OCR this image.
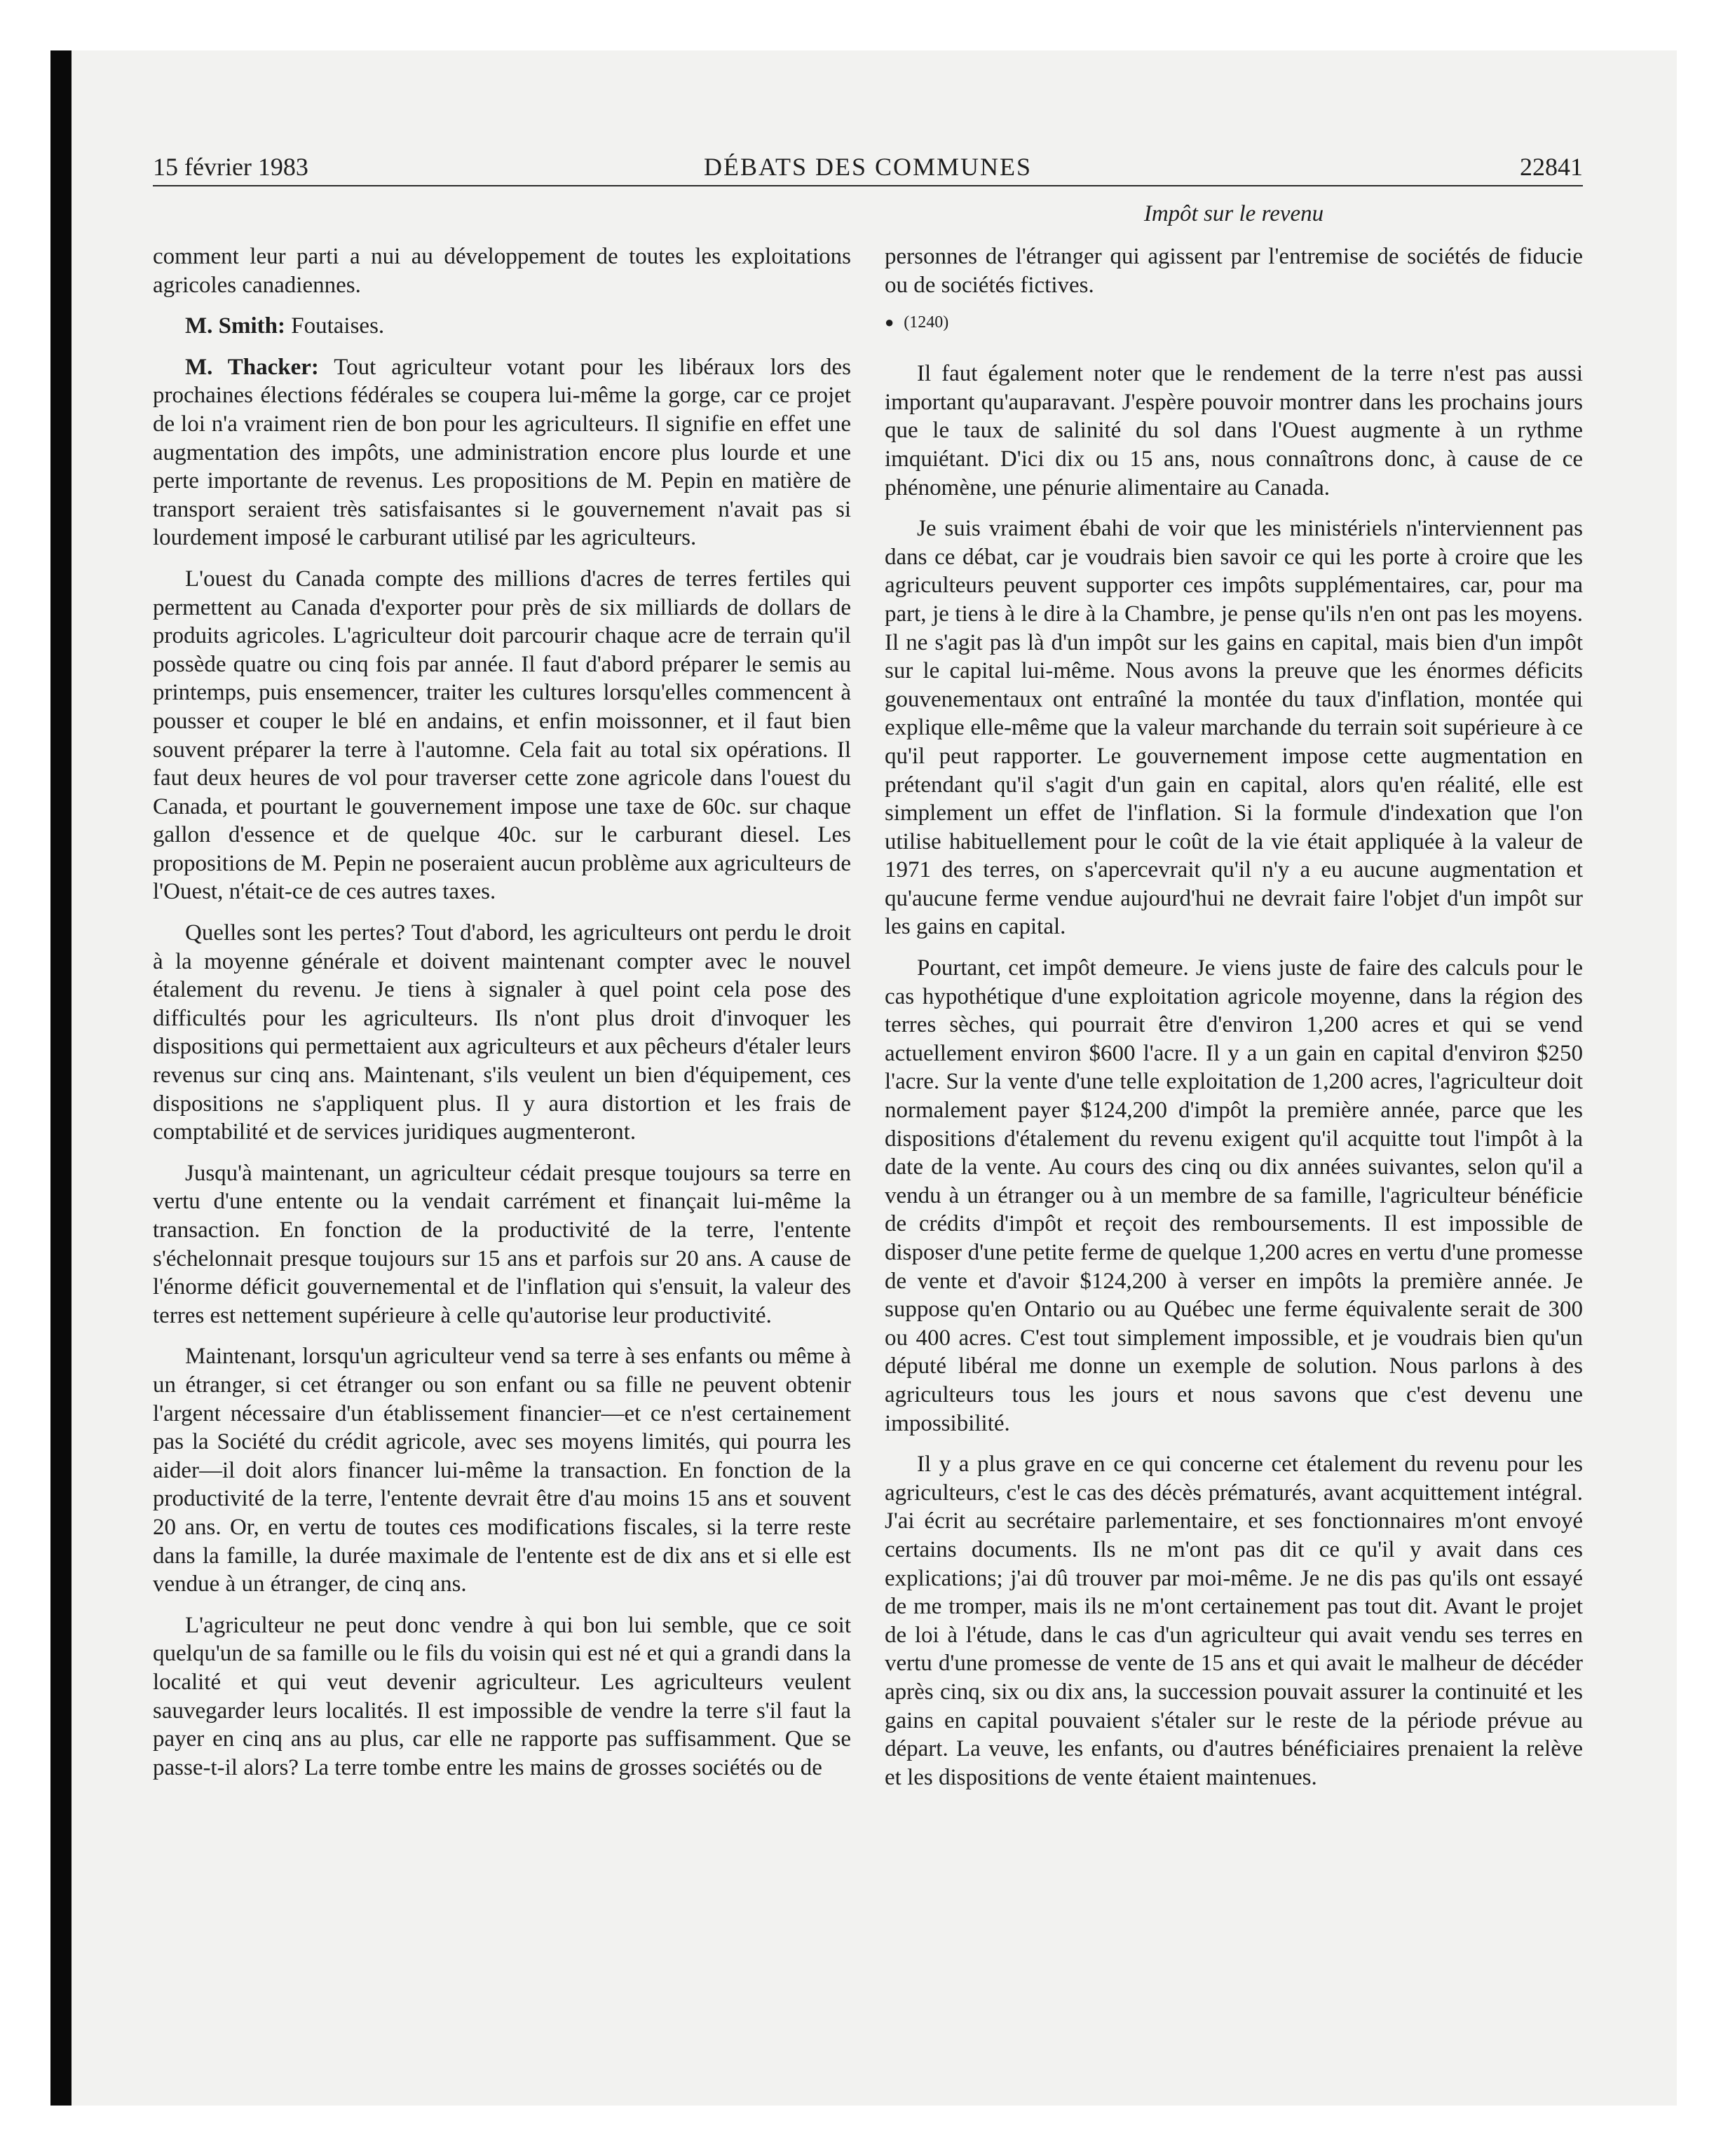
15 février 1983	DÉBATS DES COMMUNES	22841
Impôt sur le revenu

comment leur parti a nui au développement de toutes les exploitations agricoles canadiennes.

M. Smith: Foutaises.

M. Thacker: Tout agriculteur votant pour les libéraux lors des prochaines élections fédérales se coupera lui-même la gorge, car ce projet de loi n'a vraiment rien de bon pour les agriculteurs. Il signifie en effet une augmentation des impôts, une administration encore plus lourde et une perte importante de revenus. Les propositions de M. Pepin en matière de transport seraient très satisfaisantes si le gouvernement n'avait pas si lourdement imposé le carburant utilisé par les agriculteurs.

L'ouest du Canada compte des millions d'acres de terres fertiles qui permettent au Canada d'exporter pour près de six milliards de dollars de produits agricoles. L'agriculteur doit parcourir chaque acre de terrain qu'il possède quatre ou cinq fois par année. Il faut d'abord préparer le semis au printemps, puis ensemencer, traiter les cultures lorsqu'elles commencent à pousser et couper le blé en andains, et enfin moissonner, et il faut bien souvent préparer la terre à l'automne. Cela fait au total six opérations. Il faut deux heures de vol pour traverser cette zone agricole dans l'ouest du Canada, et pourtant le gouvernement impose une taxe de 60c. sur chaque gallon d'essence et de quelque 40c. sur le carburant diesel. Les propositions de M. Pepin ne poseraient aucun problème aux agriculteurs de l'Ouest, n'était-ce de ces autres taxes.

Quelles sont les pertes? Tout d'abord, les agriculteurs ont perdu le droit à la moyenne générale et doivent maintenant compter avec le nouvel étalement du revenu. Je tiens à signaler à quel point cela pose des difficultés pour les agriculteurs. Ils n'ont plus droit d'invoquer les dispositions qui permettaient aux agriculteurs et aux pêcheurs d'étaler leurs revenus sur cinq ans. Maintenant, s'ils veulent un bien d'équipement, ces dispositions ne s'appliquent plus. Il y aura distortion et les frais de comptabilité et de services juridiques augmenteront.

Jusqu'à maintenant, un agriculteur cédait presque toujours sa terre en vertu d'une entente ou la vendait carrément et finançait lui-même la transaction. En fonction de la productivité de la terre, l'entente s'échelonnait presque toujours sur 15 ans et parfois sur 20 ans. A cause de l'énorme déficit gouvernemental et de l'inflation qui s'ensuit, la valeur des terres est nettement supérieure à celle qu'autorise leur productivité.

Maintenant, lorsqu'un agriculteur vend sa terre à ses enfants ou même à un étranger, si cet étranger ou son enfant ou sa fille ne peuvent obtenir l'argent nécessaire d'un établissement financier—et ce n'est certainement pas la Société du crédit agricole, avec ses moyens limités, qui pourra les aider—il doit alors financer lui-même la transaction. En fonction de la productivité de la terre, l'entente devrait être d'au moins 15 ans et souvent 20 ans. Or, en vertu de toutes ces modifications fiscales, si la terre reste dans la famille, la durée maximale de l'entente est de dix ans et si elle est vendue à un étranger, de cinq ans.

L'agriculteur ne peut donc vendre à qui bon lui semble, que ce soit quelqu'un de sa famille ou le fils du voisin qui est né et qui a grandi dans la localité et qui veut devenir agriculteur. Les agriculteurs veulent sauvegarder leurs localités. Il est impossible de vendre la terre s'il faut la payer en cinq ans au plus, car elle ne rapporte pas suffisamment. Que se passe-t-il alors? La terre tombe entre les mains de grosses sociétés ou de

personnes de l'étranger qui agissent par l'entremise de sociétés de fiducie ou de sociétés fictives.

● (1240)

Il faut également noter que le rendement de la terre n'est pas aussi important qu'auparavant. J'espère pouvoir montrer dans les prochains jours que le taux de salinité du sol dans l'Ouest augmente à un rythme imquiétant. D'ici dix ou 15 ans, nous connaîtrons donc, à cause de ce phénomène, une pénurie alimentaire au Canada.

Je suis vraiment ébahi de voir que les ministériels n'interviennent pas dans ce débat, car je voudrais bien savoir ce qui les porte à croire que les agriculteurs peuvent supporter ces impôts supplémentaires, car, pour ma part, je tiens à le dire à la Chambre, je pense qu'ils n'en ont pas les moyens. Il ne s'agit pas là d'un impôt sur les gains en capital, mais bien d'un impôt sur le capital lui-même. Nous avons la preuve que les énormes déficits gouvenementaux ont entraîné la montée du taux d'inflation, montée qui explique elle-même que la valeur marchande du terrain soit supérieure à ce qu'il peut rapporter. Le gouvernement impose cette augmentation en prétendant qu'il s'agit d'un gain en capital, alors qu'en réalité, elle est simplement un effet de l'inflation. Si la formule d'indexation que l'on utilise habituellement pour le coût de la vie était appliquée à la valeur de 1971 des terres, on s'apercevrait qu'il n'y a eu aucune augmentation et qu'aucune ferme vendue aujourd'hui ne devrait faire l'objet d'un impôt sur les gains en capital.

Pourtant, cet impôt demeure. Je viens juste de faire des calculs pour le cas hypothétique d'une exploitation agricole moyenne, dans la région des terres sèches, qui pourrait être d'environ 1,200 acres et qui se vend actuellement environ $600 l'acre. Il y a un gain en capital d'environ $250 l'acre. Sur la vente d'une telle exploitation de 1,200 acres, l'agriculteur doit normalement payer $124,200 d'impôt la première année, parce que les dispositions d'étalement du revenu exigent qu'il acquitte tout l'impôt à la date de la vente. Au cours des cinq ou dix années suivantes, selon qu'il a vendu à un étranger ou à un membre de sa famille, l'agriculteur bénéficie de crédits d'impôt et reçoit des remboursements. Il est impossible de disposer d'une petite ferme de quelque 1,200 acres en vertu d'une promesse de vente et d'avoir $124,200 à verser en impôts la première année. Je suppose qu'en Ontario ou au Québec une ferme équivalente serait de 300 ou 400 acres. C'est tout simplement impossible, et je voudrais bien qu'un député libéral me donne un exemple de solution. Nous parlons à des agriculteurs tous les jours et nous savons que c'est devenu une impossibilité.

Il y a plus grave en ce qui concerne cet étalement du revenu pour les agriculteurs, c'est le cas des décès prématurés, avant acquittement intégral. J'ai écrit au secrétaire parlementaire, et ses fonctionnaires m'ont envoyé certains documents. Ils ne m'ont pas dit ce qu'il y avait dans ces explications; j'ai dû trouver par moi-même. Je ne dis pas qu'ils ont essayé de me tromper, mais ils ne m'ont certainement pas tout dit. Avant le projet de loi à l'étude, dans le cas d'un agriculteur qui avait vendu ses terres en vertu d'une promesse de vente de 15 ans et qui avait le malheur de décéder après cinq, six ou dix ans, la succession pouvait assurer la continuité et les gains en capital pouvaient s'étaler sur le reste de la période prévue au départ. La veuve, les enfants, ou d'autres bénéficiaires prenaient la relève et les dispositions de vente étaient maintenues.
